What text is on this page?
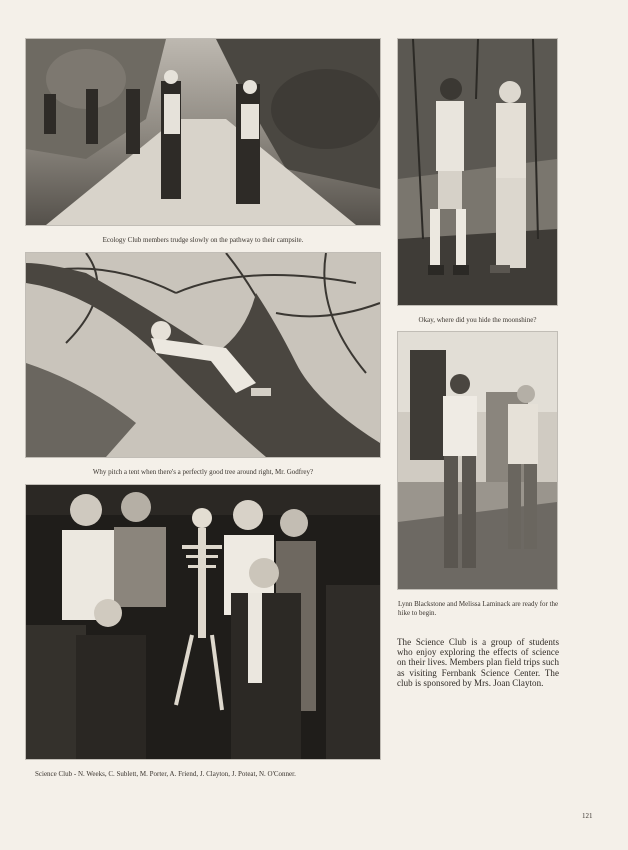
Ecology Club members trudge slowly on the pathway to their campsite.
Okay, where did you hide the moonshine?
Why pitch a tent when there's a perfectly good tree around right, Mr. Godfrey?
Lynn Blackstone and Melissa Laminack are ready for the hike to begin.
Science Club - N. Weeks, C. Sublett, M. Porter, A. Friend, J. Clayton, J. Poteat, N. O'Conner.
The Science Club is a group of students who enjoy exploring the effects of science on their lives. Members plan field trips such as visiting Fernbank Science Center. The club is sponsored by Mrs. Joan Clayton.
121
